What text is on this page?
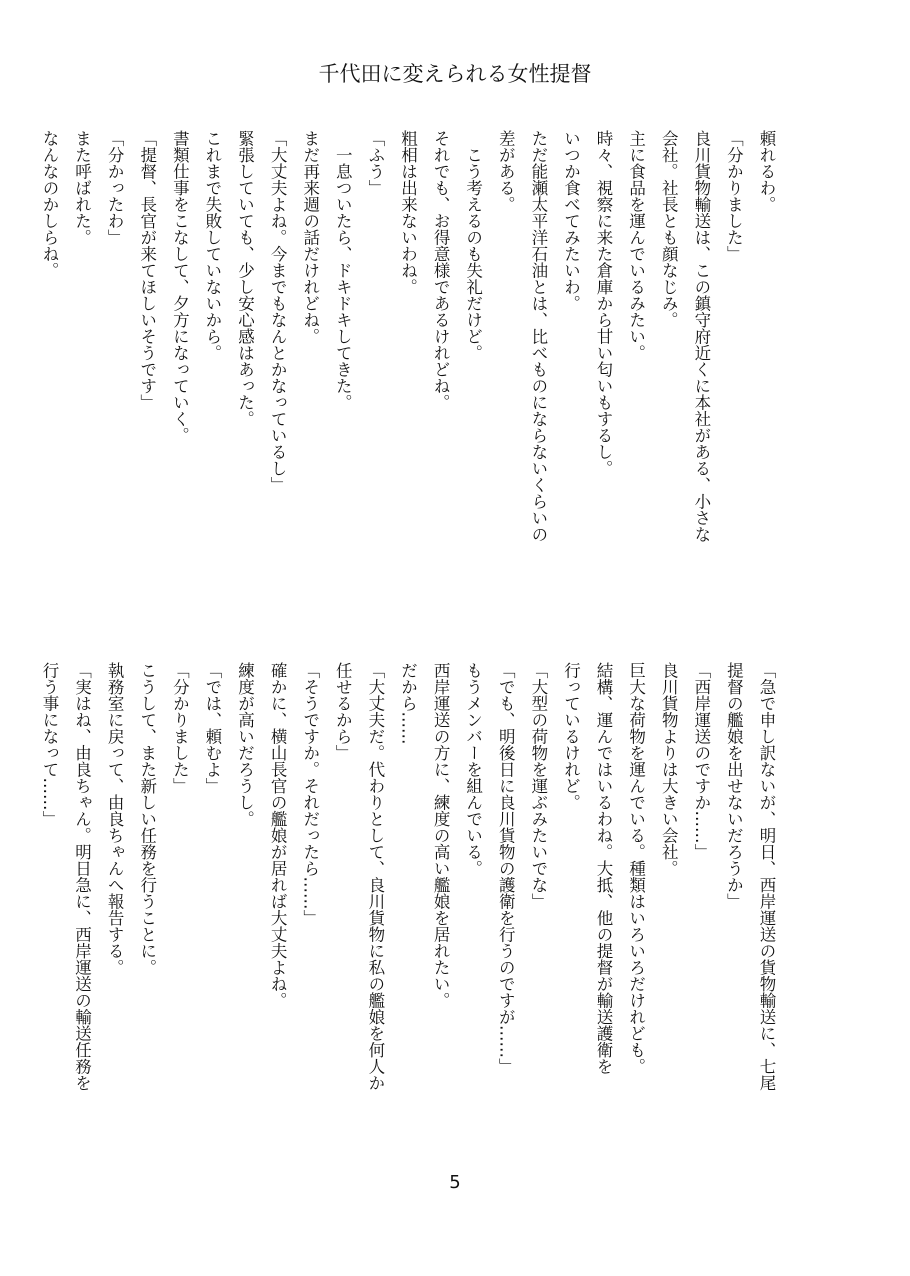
千代田に変えられる女性提督
頼れるわ。
「分かりました」
良川貨物輸送は、この鎮守府近くに本社がある、小さな
会社。社長とも顔なじみ。
主に食品を運んでいるみたい。
時々、視察に来た倉庫から甘い匂いもするし。
いつか食べてみたいわ。
ただ能瀬太平洋石油とは、比べものにならないくらいの
差がある。
　こう考えるのも失礼だけど。
それでも、お得意様であるけれどね。
粗相は出来ないわね。
「ふう」
　一息ついたら、ドキドキしてきた。
まだ再来週の話だけれどね。
「大丈夫よね。今までもなんとかなっているし」
緊張していても、少し安心感はあった。
これまで失敗していないから。
書類仕事をこなして、夕方になっていく。
「提督、長官が来てほしいそうです」
「分かったわ」
また呼ばれた。
なんなのかしらね。
「急で申し訳ないが、明日、西岸運送の貨物輸送に、七尾
提督の艦娘を出せないだろうか」
「西岸運送のですか……」
良川貨物よりは大きい会社。
巨大な荷物を運んでいる。種類はいろいろだけれども。
結構、運んではいるわね。大抵、他の提督が輸送護衛を
行っているけれど。
「大型の荷物を運ぶみたいでな」
「でも、明後日に良川貨物の護衛を行うのですが……」
もうメンバーを組んでいる。
西岸運送の方に、練度の高い艦娘を居れたい。
だから……
「大丈夫だ。代わりとして、良川貨物に私の艦娘を何人か
任せるから」
「そうですか。それだったら……」
確かに、横山長官の艦娘が居れば大丈夫よね。
練度が高いだろうし。
「では、頼むよ」
「分かりました」
こうして、また新しい任務を行うことに。
執務室に戻って、由良ちゃんへ報告する。
「実はね、由良ちゃん。明日急に、西岸運送の輸送任務を
行う事になって……」
5
